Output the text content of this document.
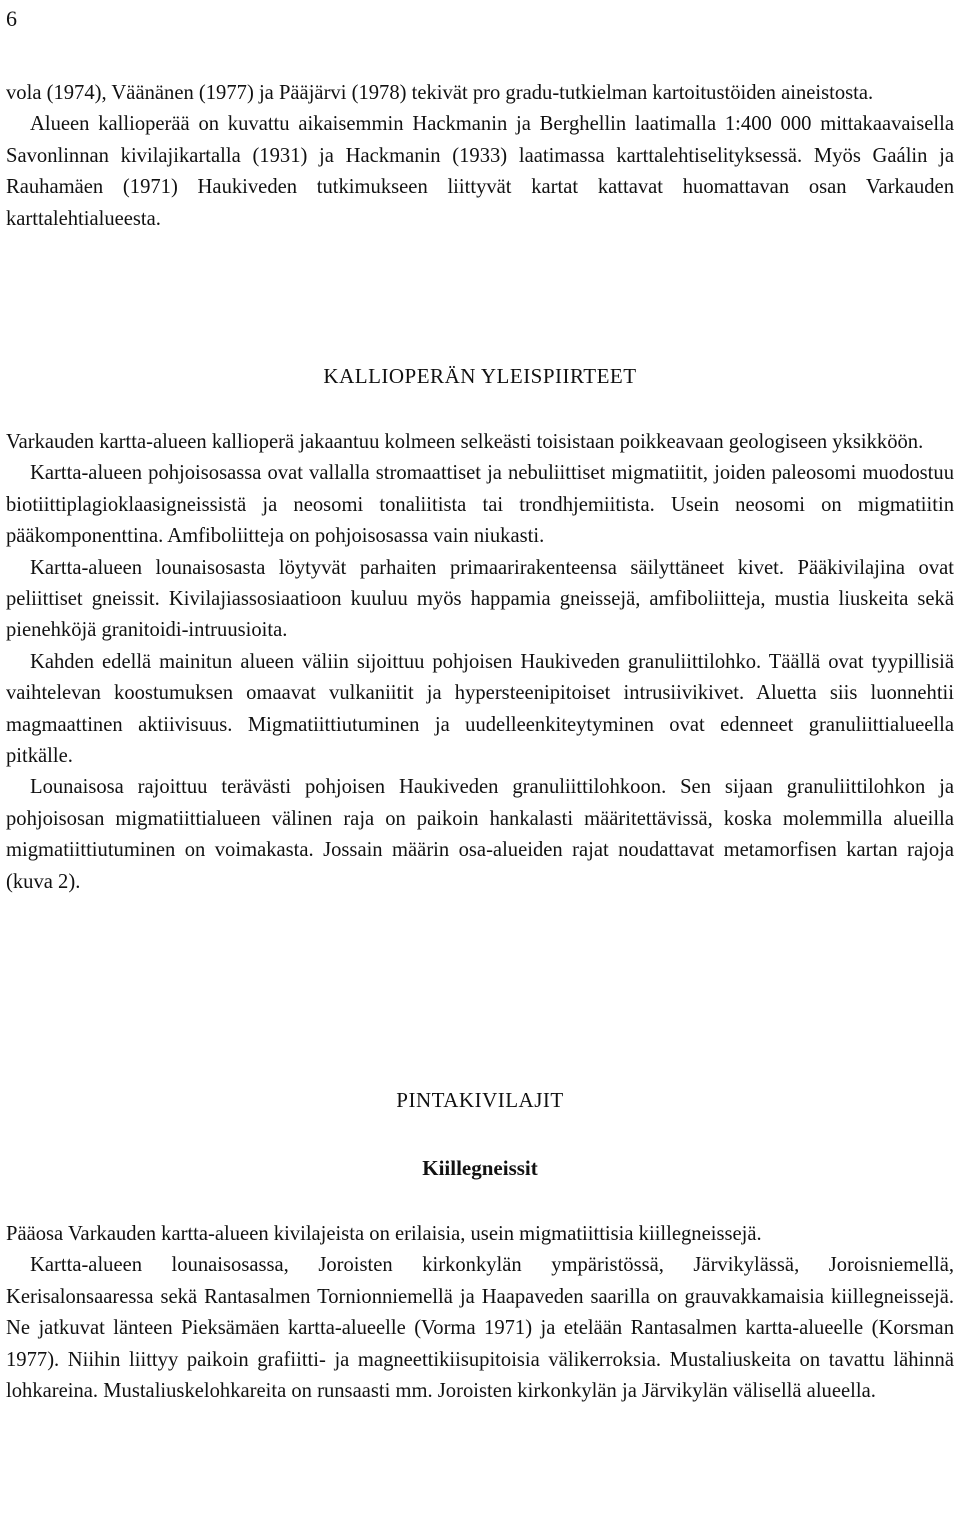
6

vola (1974), Väänänen (1977) ja Pääjärvi (1978) tekivät pro gradu-tutkielman kartoitustöiden aineistosta.

Alueen kallioperää on kuvattu aikaisemmin Hackmanin ja Berghellin laatimalla 1:400 000 mittakaavaisella Savonlinnan kivilajikartalla (1931) ja Hackmanin (1933) laatimassa karttalehtiselityksessä. Myös Gaálin ja Rauhamäen (1971) Haukiveden tutkimukseen liittyvät kartat kattavat huomattavan osan Varkauden karttalehtialueesta.

KALLIOPERÄN YLEISPIIRTEET

Varkauden kartta-alueen kallioperä jakaantuu kolmeen selkeästi toisistaan poikkeavaan geologiseen yksikköön.

Kartta-alueen pohjoisosassa ovat vallalla stromaattiset ja nebuliittiset migmatiitit, joiden paleosomi muodostuu biotiittiplagioklaasigneissistä ja neosomi tonaliitista tai trondhjemiitista. Usein neosomi on migmatiitin pääkomponenttina. Amfiboliitteja on pohjoisosassa vain niukasti.

Kartta-alueen lounaisosasta löytyvät parhaiten primaarirakenteensa säilyttäneet kivet. Pääkivilajina ovat peliittiset gneissit. Kivilajiassosiaatioon kuuluu myös happamia gneissejä, amfiboliitteja, mustia liuskeita sekä pienehköjä granitoidi-intruusioita.

Kahden edellä mainitun alueen väliin sijoittuu pohjoisen Haukiveden granuliittilohko. Täällä ovat tyypillisiä vaihtelevan koostumuksen omaavat vulkaniitit ja hypersteenipitoiset intrusiivikivet. Aluetta siis luonnehtii magmaattinen aktiivisuus. Migmatiittiutuminen ja uudelleenkiteytyminen ovat edenneet granuliittialueella pitkälle.

Lounaisosa rajoittuu terävästi pohjoisen Haukiveden granuliittilohkoon. Sen sijaan granuliittilohkon ja pohjoisosan migmatiittialueen välinen raja on paikoin hankalasti määritettävissä, koska molemmilla alueilla migmatiittiutuminen on voimakasta. Jossain määrin osa-alueiden rajat noudattavat metamorfisen kartan rajoja (kuva 2).

PINTAKIVILAJIT
Kiillegneissit

Pääosa Varkauden kartta-alueen kivilajeista on erilaisia, usein migmatiittisia kiillegneissejä.

Kartta-alueen lounaisosassa, Joroisten kirkonkylän ympäristössä, Järvikylässä, Joroisniemellä, Kerisalonsaaressa sekä Rantasalmen Tornionniemellä ja Haapaveden saarilla on grauvakkamaisia kiillegneissejä. Ne jatkuvat länteen Pieksämäen kartta-alueelle (Vorma 1971) ja etelään Rantasalmen kartta-alueelle (Korsman 1977). Niihin liittyy paikoin grafiitti- ja magneettikiisupitoisia välikerroksia. Mustaliuskeita on tavattu lähinnä lohkareina. Mustaliuskelohkareita on runsaasti mm. Joroisten kirkonkylän ja Järvikylän välisellä alueella.
